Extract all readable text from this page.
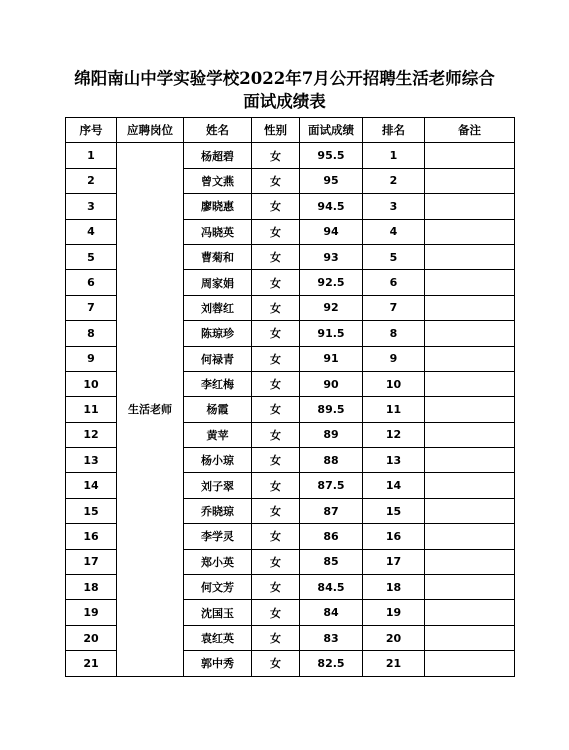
绵阳南山中学实验学校2022年7月公开招聘生活老师综合
面试成绩表
序号	应聘岗位	姓名	性别	面试成绩	排名	备注
1	生活老师	杨超碧	女	95.5	1	
2		曾文燕	女	95	2	
3		廖晓惠	女	94.5	3	
4		冯晓英	女	94	4	
5		曹菊和	女	93	5	
6		周家娟	女	92.5	6	
7		刘蓉红	女	92	7	
8		陈琼珍	女	91.5	8	
9		何禄青	女	91	9	
10		李红梅	女	90	10	
11		杨霞	女	89.5	11	
12		黄苹	女	89	12	
13		杨小琼	女	88	13	
14		刘子翠	女	87.5	14	
15		乔晓琼	女	87	15	
16		李学灵	女	86	16	
17		郑小英	女	85	17	
18		何文芳	女	84.5	18	
19		沈国玉	女	84	19	
20		袁红英	女	83	20	
21		郭中秀	女	82.5	21	
